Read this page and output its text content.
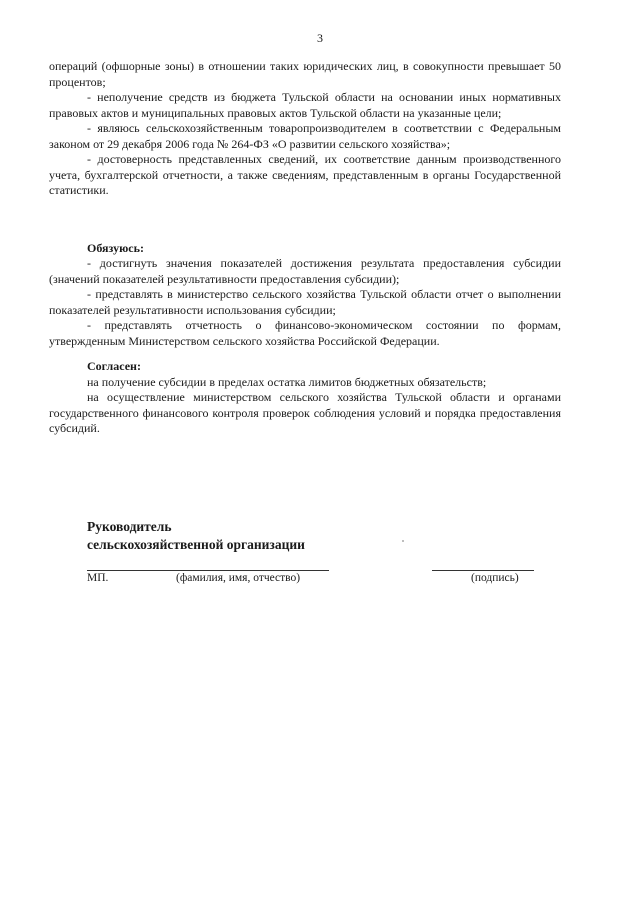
3

операций (офшорные зоны) в отношении таких юридических лиц, в совокупности превышает 50 процентов;

- неполучение средств из бюджета Тульской области на основании иных нормативных правовых актов и муниципальных правовых актов Тульской области на указанные цели;

- являюсь сельскохозяйственным товаропроизводителем в соответствии с Федеральным законом от 29 декабря 2006 года № 264-ФЗ «О развитии сельского хозяйства»;

- достоверность представленных сведений, их соответствие данным производственного учета, бухгалтерской отчетности, а также сведениям, представленным в органы Государственной статистики.

Обязуюсь:

- достигнуть значения показателей достижения результата предоставления субсидии (значений показателей результативности предоставления субсидии);

- представлять в министерство сельского хозяйства Тульской области отчет о выполнении показателей результативности использования субсидии;

- представлять отчетность о финансово-экономическом состоянии по формам, утвержденным Министерством сельского хозяйства Российской Федерации.

Согласен:

на получение субсидии в пределах остатка лимитов бюджетных обязательств;

на осуществление министерством сельского хозяйства Тульской области и органами государственного финансового контроля проверок соблюдения условий и порядка предоставления субсидий.

Руководитель
сельскохозяйственной организации
МП.	(фамилия, имя, отчество)	(подпись)
